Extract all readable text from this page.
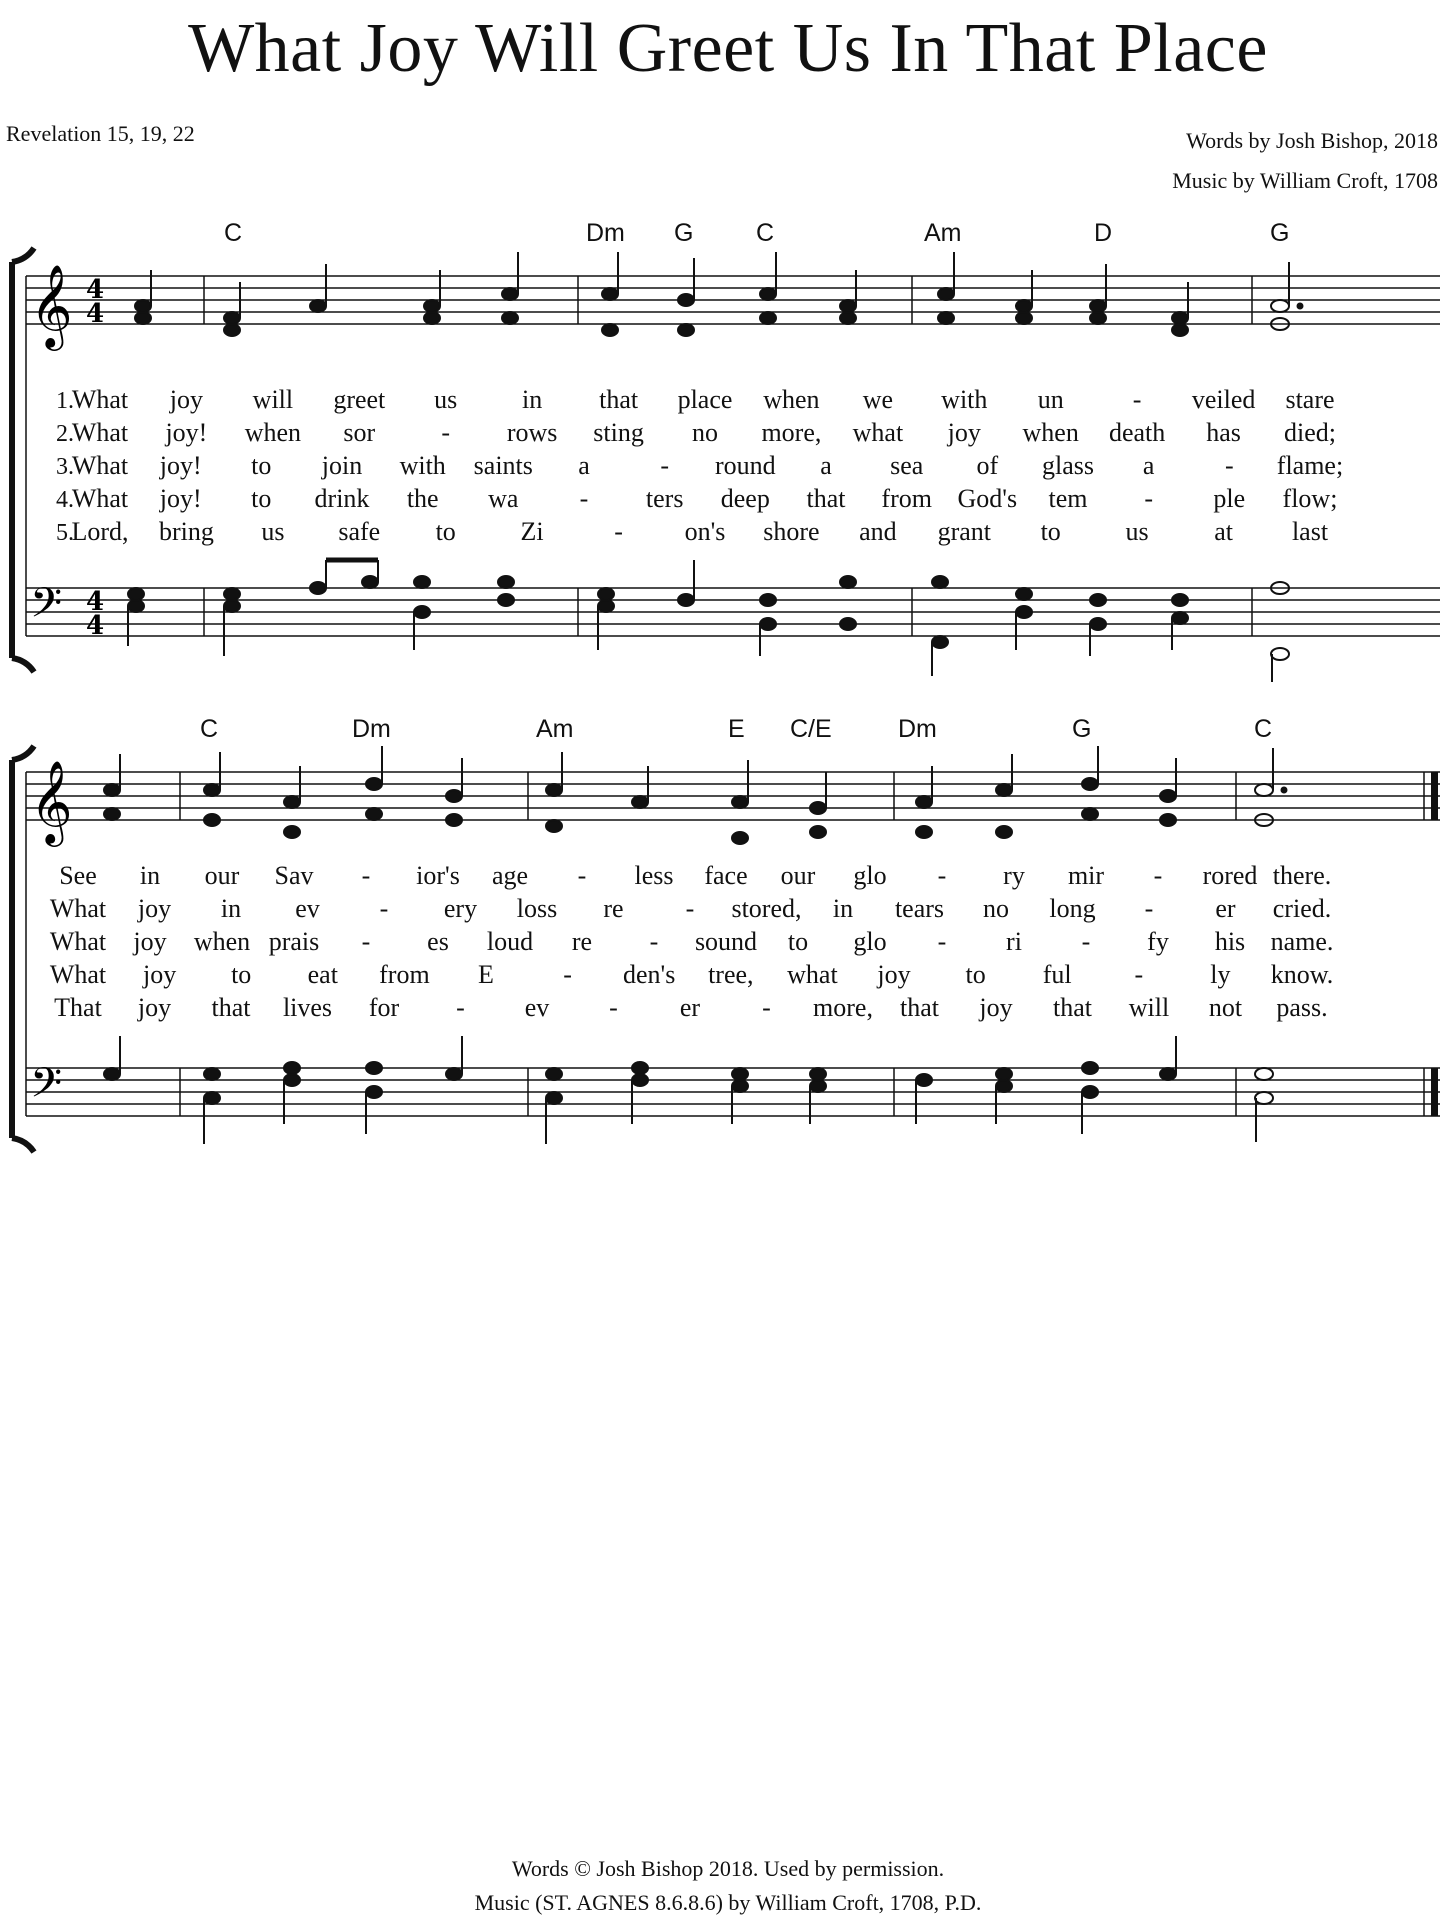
What Joy Will Greet Us In That Place
Revelation 15, 19, 22	Words by Josh Bishop, 2018
Music by William Croft, 1708
𝄞
𝄢
4
4
4
4
C	Dm G	C	Am	D	G
1.
2.
3.
4.
5.
What joy will greet us in that place when we with un	- veiled stare
What joy! when sor	- rows sting no more, what joy when death has died;
What joy! to join with saints a	- round a sea of glass a	- flame;
What joy! to drink the wa - ters deep that from God's tem - ple flow;
Lord, bring us safe to Zi	- on's shore and grant to us	at last
𝄞
𝄢
C	Dm	Am	E C/E	Dm	G	C
See in our Sav - ior's age - less face our glo - ry mir - rored there.
What joy in ev - ery loss re - stored, in tears no long - er cried.
What joy when prais - es loud re - sound to glo - ri - fy his name.
What joy to eat from E	- den's tree, what joy to ful -	ly know.
That joy that lives for - ev - er - more, that joy that will not pass.
Words © Josh Bishop 2018. Used by permission.
Music (ST. AGNES 8.6.8.6) by William Croft, 1708, P.D.
